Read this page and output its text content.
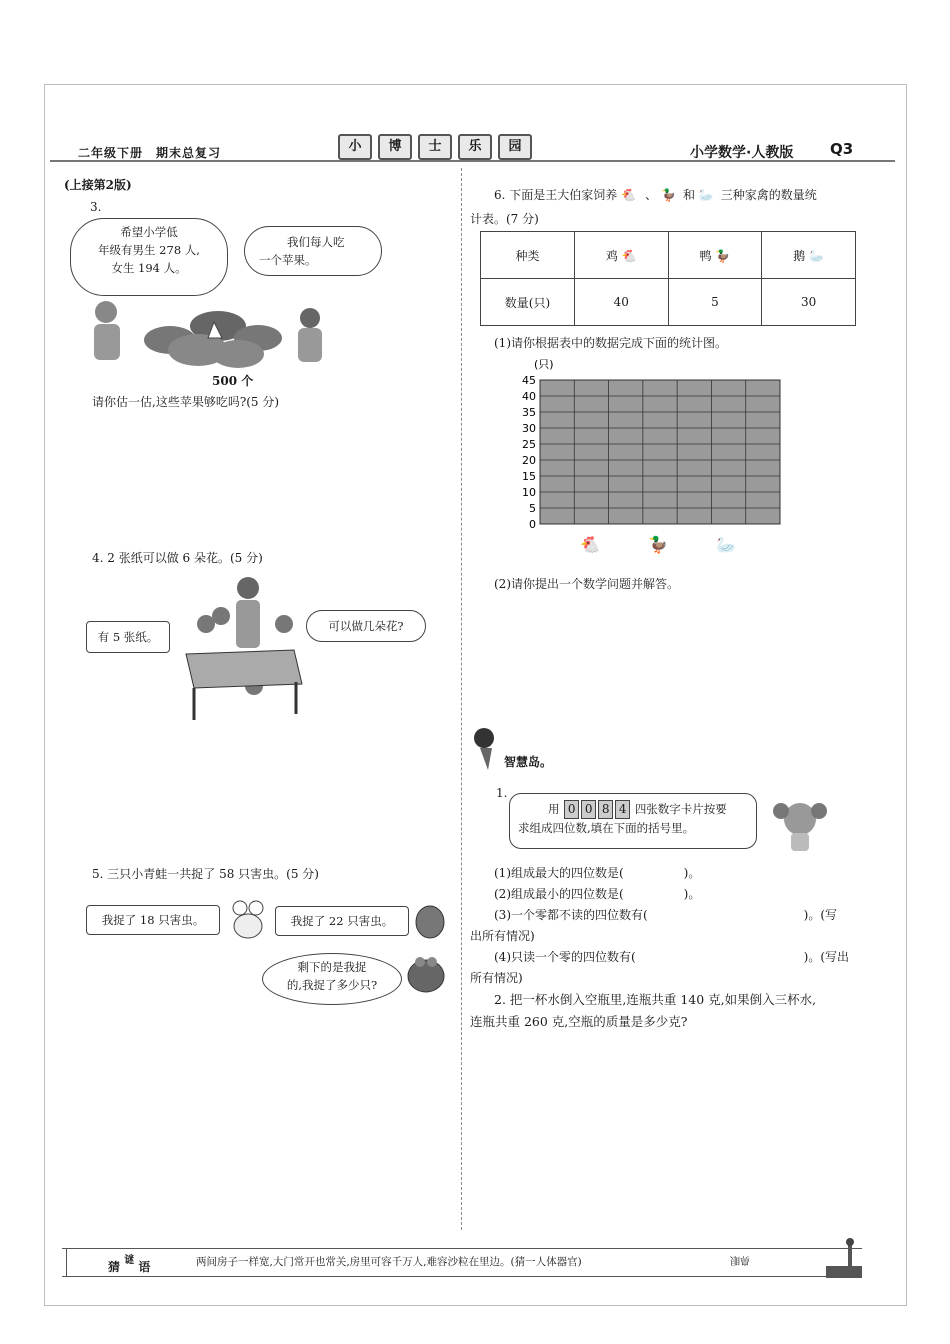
二年级下册　期末总复习	小	博	士	乐	园	小学数学·人教版 Q3
(上接第2版)
3.
希望小学低
年级有男生 278 人,
女生 194 人。
我们每人吃
一个苹果。
500 个
请你估一估,这些苹果够吃吗?(5 分)
4. 2 张纸可以做 6 朵花。(5 分)
有 5 张纸。
可以做几朵花?
5. 三只小青蛙一共捉了 58 只害虫。(5 分)
我捉了 18 只害虫。	我捉了 22 只害虫。
剩下的是我捉
的,我捉了多少只?
6. 下面是王大伯家饲养 🐔 、 🦆 和 🦢 三种家禽的数量统
计表。(7 分)
种类	鸡 🐔	鸭 🦆	鹅 🦢
数量(只)	40	5	30
(1)请你根据表中的数据完成下面的统计图。
0
5
10
15
20
25
30
35
40
45
(只)
🐔	🦆	🦢
(2)请你提出一个数学问题并解答。
智慧岛。
1.
用 0 0 8 4 四张数字卡片按要
求组成四位数,填在下面的括号里。
(1)组成最大的四位数是(　　　　　)。
(2)组成最小的四位数是(　　　　　)。
(3)一个零都不读的四位数有(　　　　　　　　　　　　　)。(写
出所有情况)
(4)只读一个零的四位数有(　　　　　　　　　　　　　　)。(写出
所有情况)
2. 把一杯水倒入空瓶里,连瓶共重 140 克,如果倒入三杯水,
连瓶共重 260 克,空瓶的质量是多少克?
猜 $^谜$ 语	两间房子一样宽,大门常开也常关,房里可容千万人,难容沙粒在里边。(猜一人体器官)	鼻眼
